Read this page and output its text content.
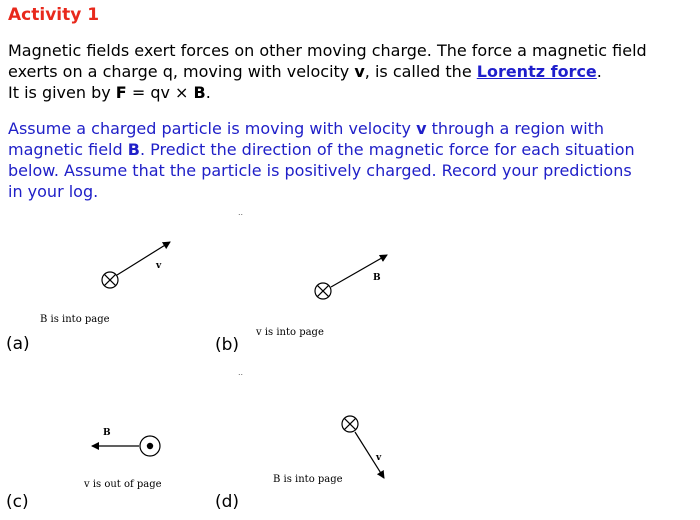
Activity 1
Magnetic fields exert forces on other moving charge. The force a magnetic field
exerts on a charge q, moving with velocity v, is called the Lorentz force.
It is given by F = qv × B.
Assume a charged particle is moving with velocity v through a region with
magnetic field B. Predict the direction of the magnetic force for each situation
below. Assume that the particle is positively charged. Record your predictions
in your log.
..
..
v
B
B
v
B is into page
v is into page
v is out of page	B is into page
(a)	(b)
(c)	(d)
